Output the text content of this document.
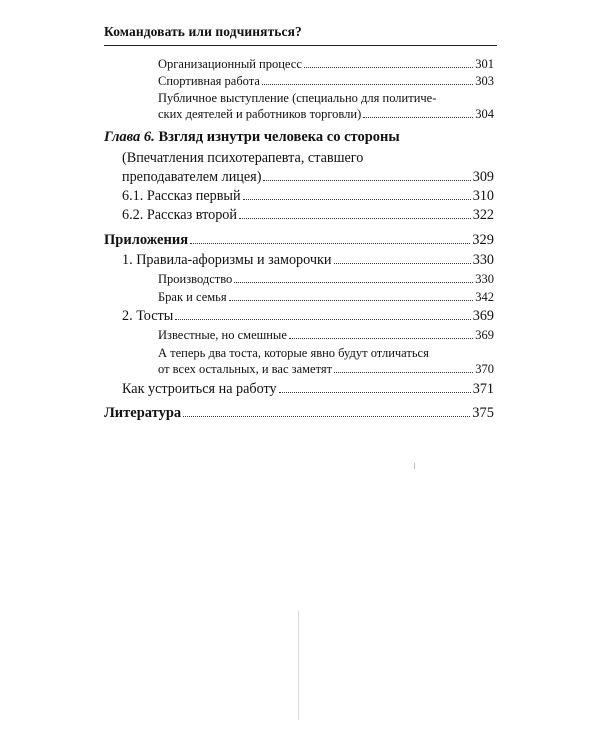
Командовать или подчиняться?
Организационный процесс	301
Спортивная работа	303
Публичное выступление (специально для политиче-
ских деятелей и работников торговли)	304
Глава 6. Взгляд изнутри человека со стороны
(Впечатления психотерапевта, ставшего
преподавателем лицея)	309
6.1. Рассказ первый	310
6.2. Рассказ второй	322
Приложения	329
1. Правила-афоризмы и заморочки	330
Производство	330
Брак и семья	342
2. Тосты	369
Известные, но смешные	369
А теперь два тоста, которые явно будут отличаться
от всех остальных, и вас заметят	370
Как устроиться на работу	371
Литература	375
